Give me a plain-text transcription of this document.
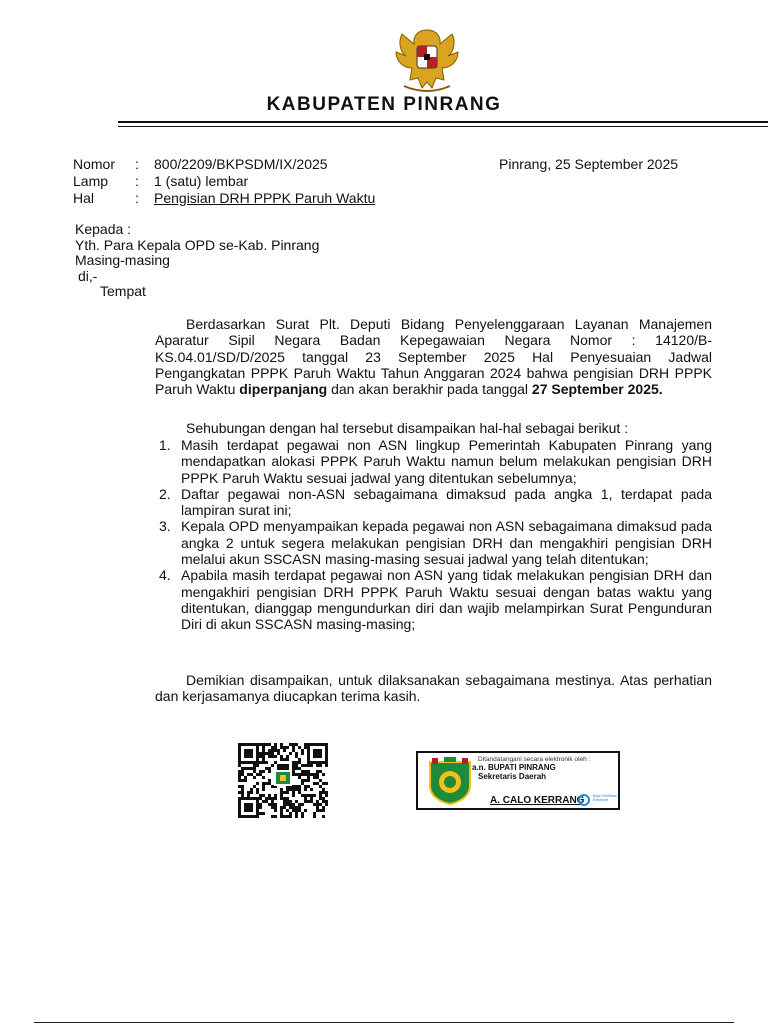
KABUPATEN PINRANG
Nomor : 800/2209/BKPSDM/IX/2025
Lamp : 1 (satu) lembar
Hal	: Pengisian DRH PPPK Paruh Waktu
Pinrang, 25 September 2025
Kepada :
Yth. Para Kepala OPD se-Kab. Pinrang
Masing-masing
di,-
Tempat
Berdasarkan Surat Plt. Deputi Bidang Penyelenggaraan Layanan Manajemen Aparatur Sipil Negara Badan Kepegawaian Negara Nomor : 14120/B-KS.04.01/SD/D/2025 tanggal 23 September 2025 Hal Penyesuaian Jadwal Pengangkatan PPPK Paruh Waktu Tahun Anggaran 2024 bahwa pengisian DRH PPPK Paruh Waktu diperpanjang dan akan berakhir pada tanggal 27 September 2025.
Sehubungan dengan hal tersebut disampaikan hal-hal sebagai berikut :
1. Masih terdapat pegawai non ASN lingkup Pemerintah Kabupaten Pinrang yang mendapatkan alokasi PPPK Paruh Waktu namun belum melakukan pengisian DRH PPPK Paruh Waktu sesuai jadwal yang ditentukan sebelumnya;
2. Daftar pegawai non-ASN sebagaimana dimaksud pada angka 1, terdapat pada lampiran surat ini;
3. Kepala OPD menyampaikan kepada pegawai non ASN sebagaimana dimaksud pada angka 2 untuk segera melakukan pengisian DRH dan mengakhiri pengisian DRH melalui akun SSCASN masing-masing sesuai jadwal yang telah ditentukan;
4. Apabila masih terdapat pegawai non ASN yang tidak melakukan pengisian DRH dan mengakhiri pengisian DRH PPPK Paruh Waktu sesuai dengan batas waktu yang ditentukan, dianggap mengundurkan diri dan wajib melampirkan Surat Pengunduran Diri di akun SSCASN masing-masing;
Demikian disampaikan, untuk dilaksanakan sebagaimana mestinya. Atas perhatian dan kerjasamanya diucapkan terima kasih.
Ditandatangani secara elektronik oleh :
a.n. BUPATI PINRANG
Sekretaris Daerah
A. CALO KERRANG Balai Sertifikasi Elektronik
